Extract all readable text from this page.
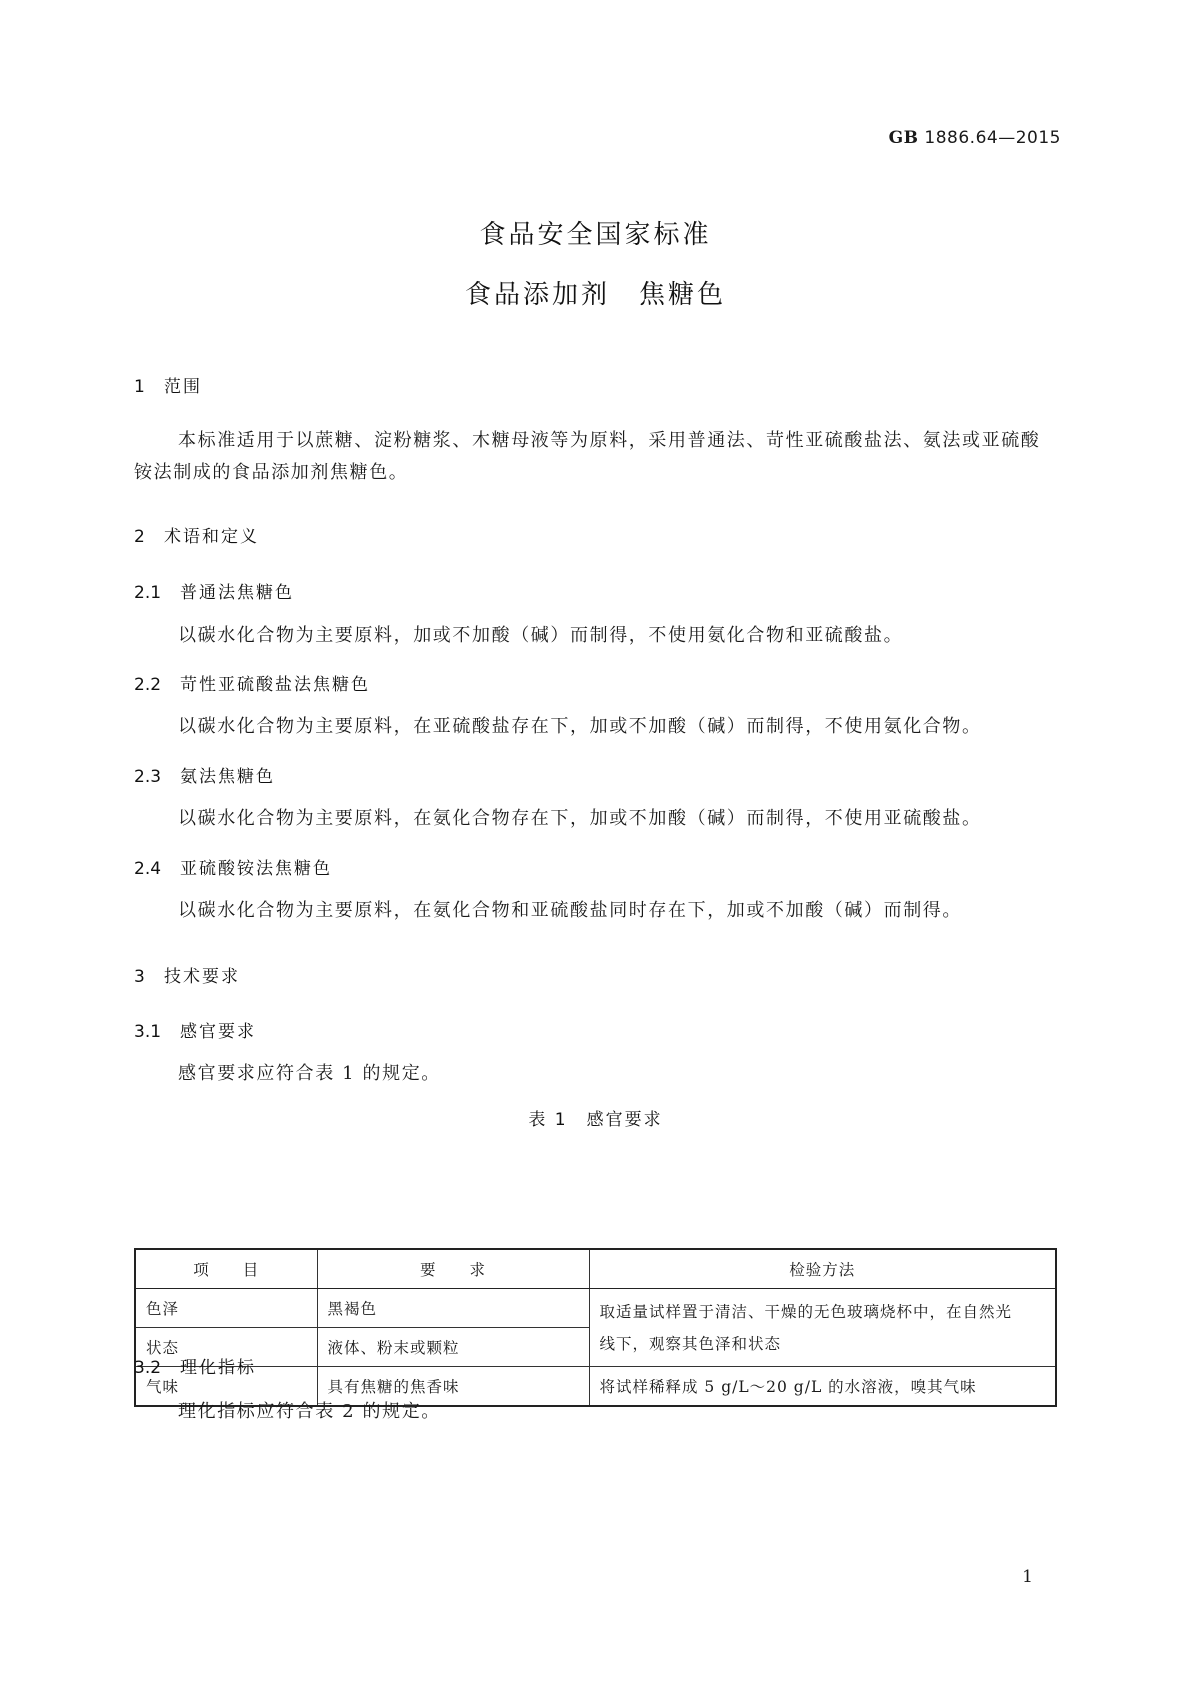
GB 1886.64—2015
食品安全国家标准
食品添加剂　焦糖色
1 范围
本标准适用于以蔗糖、淀粉糖浆、木糖母液等为原料，采用普通法、苛性亚硫酸盐法、氨法或亚硫酸
铵法制成的食品添加剂焦糖色。
2 术语和定义
2.1 普通法焦糖色
以碳水化合物为主要原料，加或不加酸（碱）而制得，不使用氨化合物和亚硫酸盐。
2.2 苛性亚硫酸盐法焦糖色
以碳水化合物为主要原料，在亚硫酸盐存在下，加或不加酸（碱）而制得，不使用氨化合物。
2.3 氨法焦糖色
以碳水化合物为主要原料，在氨化合物存在下，加或不加酸（碱）而制得，不使用亚硫酸盐。
2.4 亚硫酸铵法焦糖色
以碳水化合物为主要原料，在氨化合物和亚硫酸盐同时存在下，加或不加酸（碱）而制得。
3 技术要求
3.1 感官要求
感官要求应符合表 1 的规定。
表 1　感官要求
项　　目	要　　求	检验方法
色泽	黑褐色	取适量试样置于清洁、干燥的无色玻璃烧杯中，在自然光
线下，观察其色泽和状态

状态	液体、粉末或颗粒	
气味	具有焦糖的焦香味	将试样稀释成 5 g/L～20 g/L 的水溶液，嗅其气味
3.2 理化指标
理化指标应符合表 2 的规定。
1
